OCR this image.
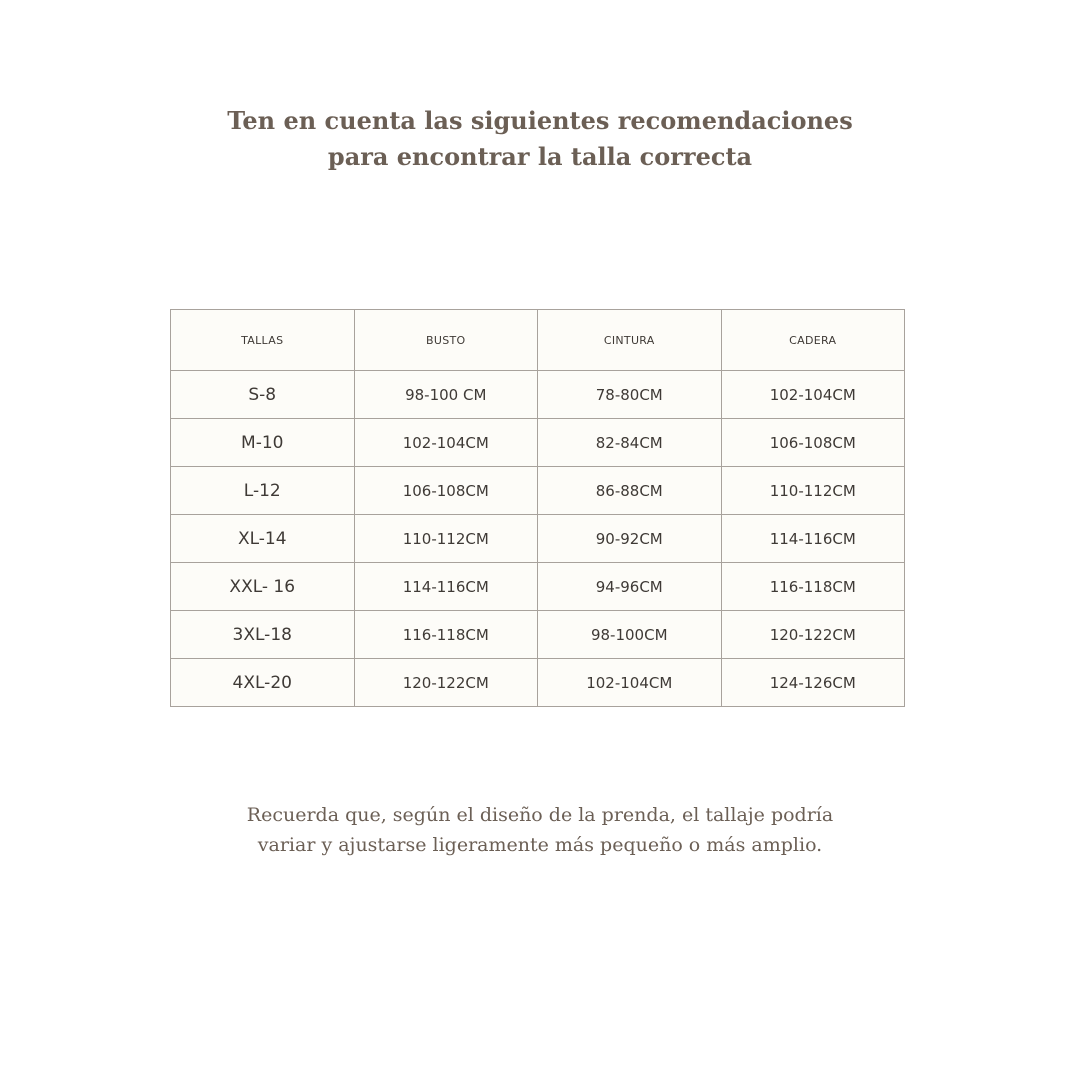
Ten en cuenta las siguientes recomendaciones
para encontrar la talla correcta
TALLAS	BUSTO	CINTURA	CADERA
S-8	98-100 CM	78-80CM	102-104CM
M-10	102-104CM	82-84CM	106-108CM
L-12	106-108CM	86-88CM	110-112CM
XL-14	110-112CM	90-92CM	114-116CM
XXL- 16	114-116CM	94-96CM	116-118CM
3XL-18	116-118CM	98-100CM	120-122CM
4XL-20	120-122CM	102-104CM	124-126CM

Recuerda que, según el diseño de la prenda, el tallaje podría
variar y ajustarse ligeramente más pequeño o más amplio.
